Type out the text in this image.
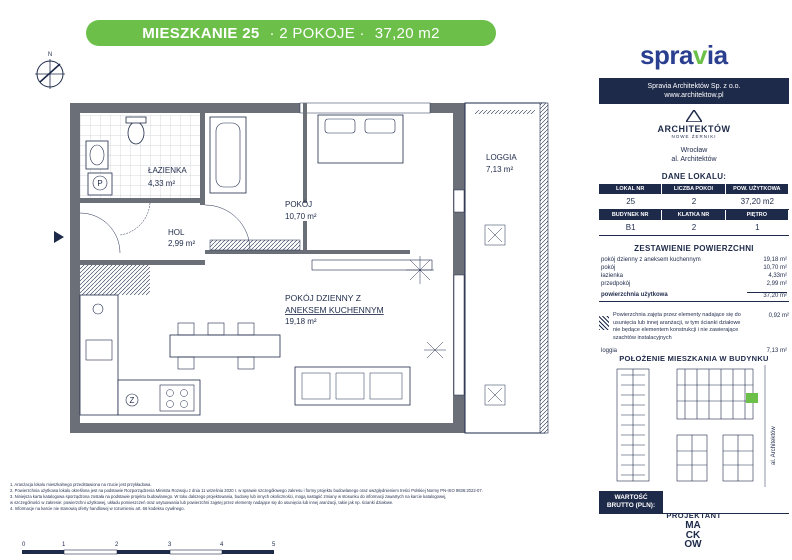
MIESZKANIE 25 · 2 POKOJE · 37,20 m2
spravia
N
P
Z
ŁAZIENKA
4,33 m²
HOL
2,99 m²
POKÓJ
10,70 m²
POKÓJ DZIENNY Z
ANEKSEM KUCHENNYM
19,18 m²
LOGGIA
7,13 m²
Spravia Architektów Sp. z o.o.
www.architektow.pl
ARCHITEKTÓW
NOWE ŻERNIKI
Wrocław
al. Architektów
DANE LOKALU:
LOKAL NR	LICZBA POKOI	POW. UŻYTKOWA
25	2	37,20 m2
BUDYNEK NR	KLATKA NR	PIĘTRO
B1	2	1
ZESTAWIENIE POWIERZCHNI
pokój dzienny z aneksem kuchennym	19,18 m²
pokój	10,70 m²
łazienka	4,33m²
przedpokój	2,99 m²
powierzchnia użytkowa	37,20 m²
Powierzchnia zajęta przez elementy nadające się do usunięcia lub innej aranżacji, w tym ścianki działowe nie będące elementem konstrukcji i nie zawierające szachtów instalacyjnych
0,92 m²
loggia	7,13 m²
POŁOŻENIE MIESZKANIA W BUDYNKU
al. Architektów
WARTOŚĆ
BRUTTO (PLN):
PROJEKTANT
MA
CK
OW
1. Aranżacja lokalu mieszkalnego przedstawiona na rzucie jest przykładowa.
2. Powierzchnia użytkowa lokalu określona jest na podstawie Rozporządzenia Ministra Rozwoju z dnia 11 września 2020 r. w sprawie szczegółowego zakresu i formy projektu budowlanego oraz uwzględnieniem treści Polskiej Normy PN-ISO 9836:2022-07.
3. Niniejsza karta katalogowa sporządzona została na podstawie projektu budowlanego. W toku dalszego projektowania, budowy lub innych okoliczności, mogą nastąpić zmiany w stosunku do informacji zawartych na karcie katalogowej,
w szczególności w zakresie: powierzchni użytkowej, układu pomieszczeń oraz usytuowania lub powierzchni zajętej przez elementy nadające się do usunięcia lub innej aranżacji, takie jak np. ścianki działowe.
4. Informacje na karcie nie stanowią oferty handlowej w rozumieniu art. 66 kodeksu cywilnego.
0	1	2	3	4	5
